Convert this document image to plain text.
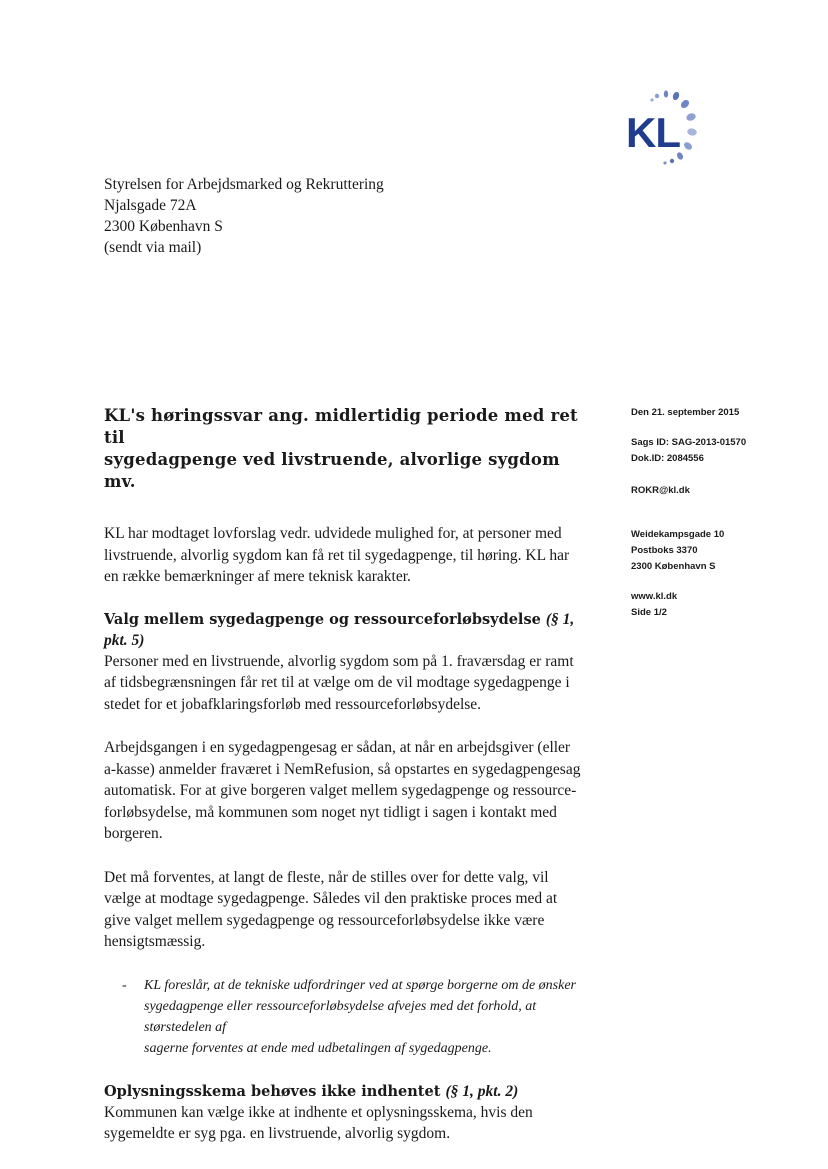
KL
Styrelsen for Arbejdsmarked og Rekruttering
Njalsgade 72A
2300 København S
(sendt via mail)
Den 21. september 2015
Sags ID: SAG-2013-01570
Dok.ID: 2084556
ROKR@kl.dk
Weidekampsgade 10
Postboks 3370
2300 København S
www.kl.dk
Side 1/2
KL's høringssvar ang. midlertidig periode med ret til
sygedagpenge ved livstruende, alvorlige sygdom mv.
KL har modtaget lovforslag vedr. udvidede mulighed for, at personer med
livstruende, alvorlig sygdom kan få ret til sygedagpenge, til høring. KL har
en række bemærkninger af mere teknisk karakter.
Valg mellem sygedagpenge og ressourceforløbsydelse (§ 1, pkt. 5)
Personer med en livstruende, alvorlig sygdom som på 1. fraværsdag er ramt
af tidsbegrænsningen får ret til at vælge om de vil modtage sygedagpenge i
stedet for et jobafklaringsforløb med ressourceforløbsydelse.
Arbejdsgangen i en sygedagpengesag er sådan, at når en arbejdsgiver (eller
a-kasse) anmelder fraværet i NemRefusion, så opstartes en sygedagpengesag
automatisk. For at give borgeren valget mellem sygedagpenge og ressource-
forløbsydelse, må kommunen som noget nyt tidligt i sagen i kontakt med
borgeren.
Det må forventes, at langt de fleste, når de stilles over for dette valg, vil
vælge at modtage sygedagpenge. Således vil den praktiske proces med at
give valget mellem sygedagpenge og ressourceforløbsydelse ikke være
hensigtsmæssig.
-	KL foreslår, at de tekniske udfordringer ved at spørge borgerne om de ønsker
sygedagpenge eller ressourceforløbsydelse afvejes med det forhold, at størstedelen af
sagerne forventes at ende med udbetalingen af sygedagpenge.
Oplysningsskema behøves ikke indhentet (§ 1, pkt. 2)
Kommunen kan vælge ikke at indhente et oplysningsskema, hvis den
sygemeldte er syg pga. en livstruende, alvorlig sygdom.
